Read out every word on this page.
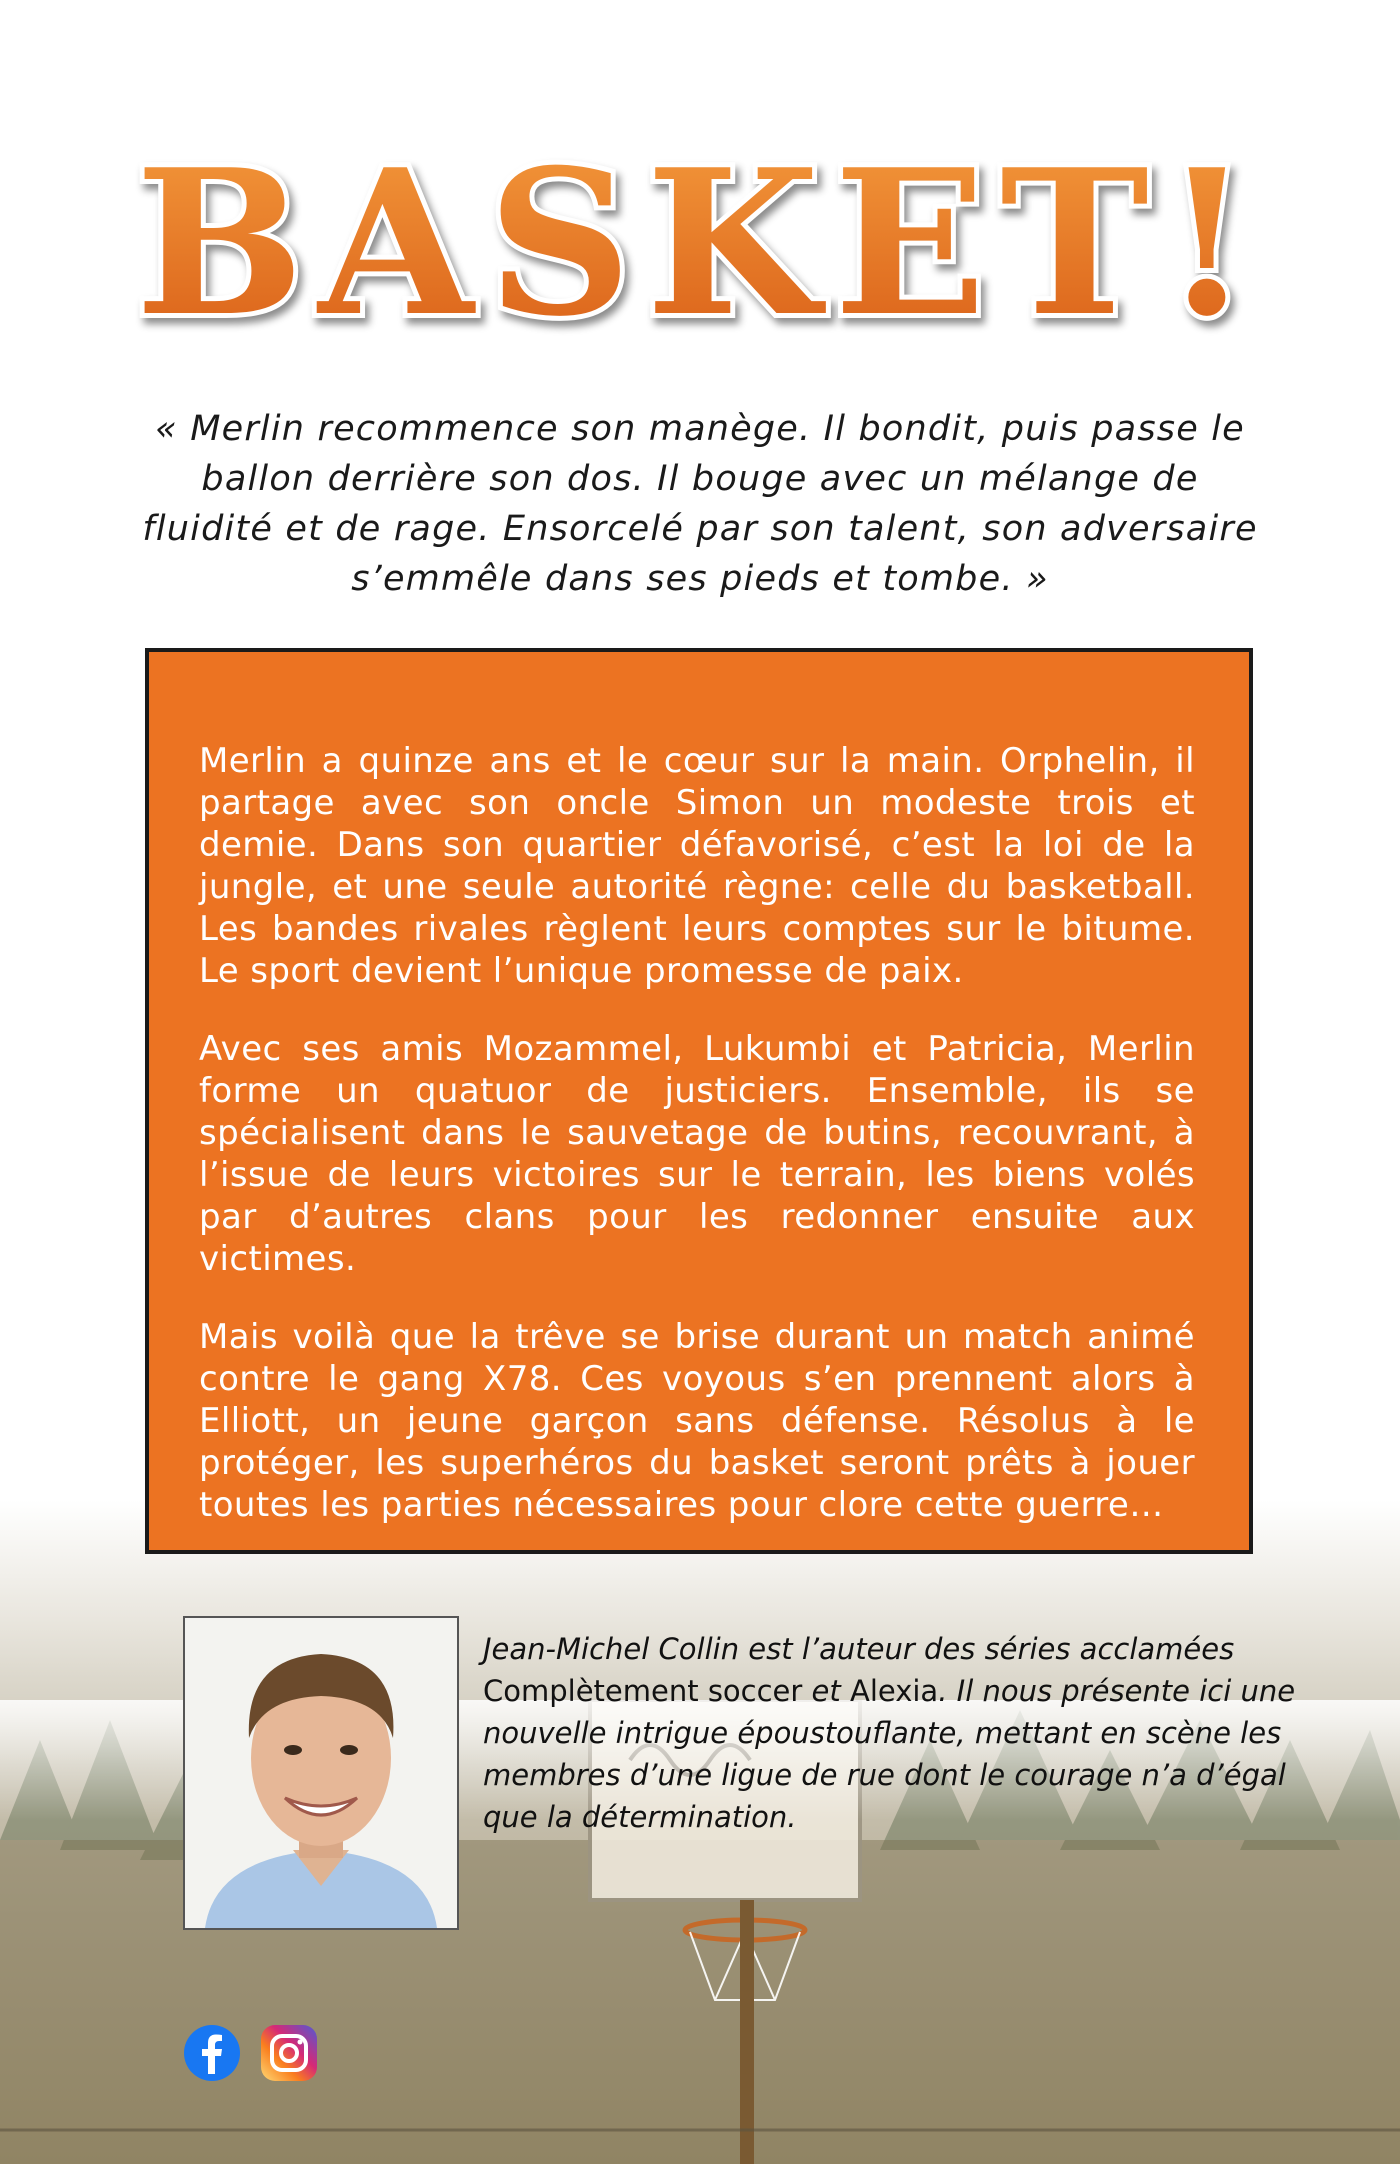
BASKET!

« Merlin recommence son manège. Il bondit, puis passe le ballon derrière son dos. Il bouge avec un mélange de fluidité et de rage. Ensorcelé par son talent, son adversaire s’emmêle dans ses pieds et tombe. »

Merlin a quinze ans et le cœur sur la main. Orphelin, il partage avec son oncle Simon un modeste trois et demie. Dans son quartier défavorisé, c’est la loi de la jungle, et une seule autorité règne: celle du basketball. Les bandes rivales règlent leurs comptes sur le bitume. Le sport devient l’unique promesse de paix.

Avec ses amis Mozammel, Lukumbi et Patricia, Merlin forme un quatuor de justiciers. Ensemble, ils se spécialisent dans le sauvetage de butins, recouvrant, à l’issue de leurs victoires sur le terrain, les biens volés par d’autres clans pour les redonner ensuite aux victimes.

Mais voilà que la trêve se brise durant un match animé contre le gang X78. Ces voyous s’en prennent alors à Elliott, un jeune garçon sans défense. Résolus à le protéger, les superhéros du basket seront prêts à jouer toutes les parties nécessaires pour clore cette guerre…

Jean-Michel Collin est l’auteur des séries acclamées Complètement soccer et Alexia. Il nous présente ici une nouvelle intrigue époustouflante, mettant en scène les membres d’une ligue de rue dont le courage n’a d’égal que la détermination.
